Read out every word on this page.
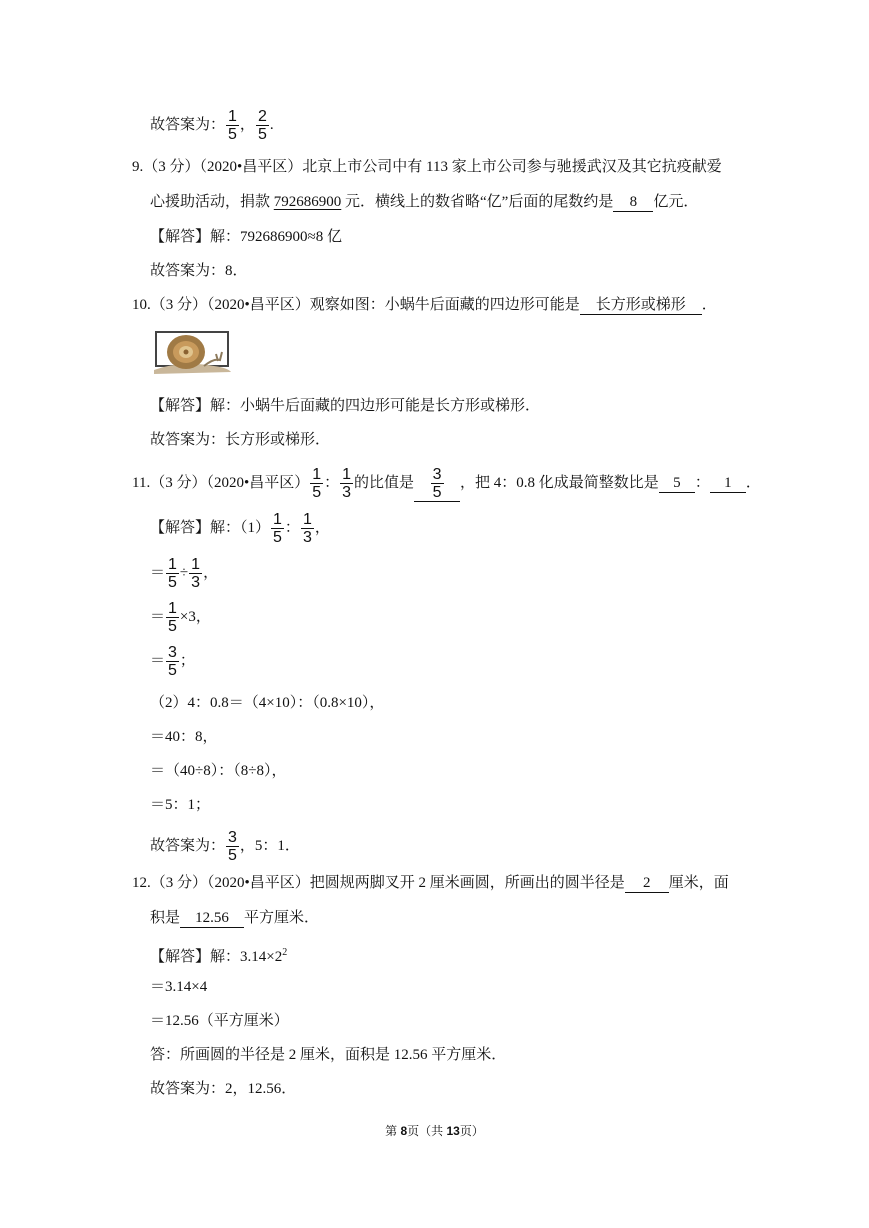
故答案为： $\frac{1}{5}$ ， $\frac{2}{5}$ .
9.（3 分）（2020•昌平区）北京上市公司中有 113 家上市公司参与驰援武汉及其它抗疫献爱
心援助活动，捐款 792686900 元．横线上的数省略“亿”后面的尾数约是 8 亿元．
【解答】解：792686900≈8 亿
故答案为：8．
10.（3 分）（2020•昌平区）观察如图：小蜗牛后面藏的四边形可能是 长方形或梯形 ．
【解答】解：小蜗牛后面藏的四边形可能是长方形或梯形．
故答案为：长方形或梯形．
11.（3 分）（2020•昌平区） $\frac{1}{5}$ ： $\frac{1}{3}$ 的比值是 $\frac{3}{5}$ ，把 4：0.8 化成最简整数比是 5 ： 1 ．
【解答】解：$(1) \frac{1}{5}$ ： $\frac{1}{3}$ ，
＝ $\frac{1}{5} \div \frac{1}{3}$ ，
＝ $\frac{1}{5} \times 3$，
＝ $\frac{3}{5}$ ；
（2）4：0.8＝（4×10）：（0.8×10），
＝40：8，
＝（40÷8）：（8÷8），
＝5：1；
故答案为： $\frac{3}{5}$ ，5：1．
12.（3 分）（2020•昌平区）把圆规两脚叉开 2 厘米画圆，所画出的圆半径是 2 厘米，面
积是 12.56 平方厘米．
【解答】解：$3.14\times 2^2$
＝3.14×4
＝12.56（平方厘米）
答：所画圆的半径是 2 厘米，面积是 12.56 平方厘米．
故答案为：2，12.56．
第 8页（共 13页）
